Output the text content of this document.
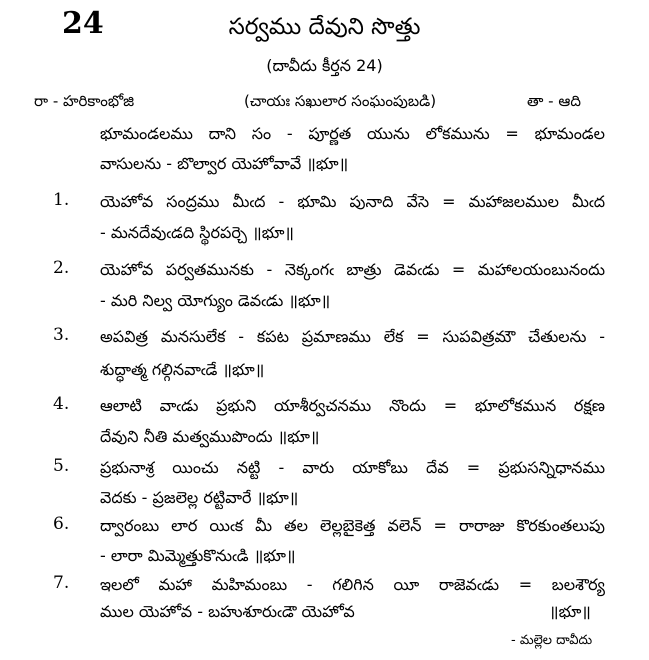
24	సర్వము దేవుని సొత్తు
(దావీదు కీర్తన 24)
రా - హరికాంభోజి	(చాయః సఖులార సంఘంపుబడి)	తా - ఆది
భూమండలము దాని సం - పూర్ణత యును లోకమును = భూమండల
వాసులను - బొల్వార యెహోవావే ॥భూ॥
1. యెహోవ సంద్రము మీఁద - భూమి పునాది వేసె = మహాజలముల మీఁద
- మనదేవుఁడది స్థిరపర్చె ॥భూ॥
2. యెహోవ పర్వతమునకు - నెక్కంగఁ బాత్రు డెవఁడు = మహాలయంబునందు
- మరి నిల్వ యోగ్యుం డెవఁడు ॥భూ॥
3. అపవిత్ర మనసులేక - కపట ప్రమాణము లేక = సుపవిత్రమౌ చేతులను -
శుద్ధాత్మ గల్గినవాఁడే ॥భూ॥
4. ఆలాటి వాఁడు ప్రభుని యాశీర్వచనము నొందు = భూలోకమున రక్షణ
దేవుని నీతి మత్వముపొందు ॥భూ॥
5. ప్రభునాశ్ర యించు నట్టి - వారు యాకోబు దేవ = ప్రభుసన్నిధానము
వెదకు - ప్రజలెల్ల రట్టివారే ॥భూ॥
6. ద్వారంబు లార యిఁక మీ తల లెల్లబైకెత్త వలెన్ = రారాజు కొరకుంతలుపు
- లారా మిమ్మెత్తుకొనుఁడి ॥భూ॥
7. ఇలలో మహా మహిమంబు - గలిగిన యీ రాజెవఁడు = బలశౌర్య
ముల యెహోవ - బహుశూరుఁడౌ యెహోవ	॥భూ॥
- మల్లెల దావీదు
